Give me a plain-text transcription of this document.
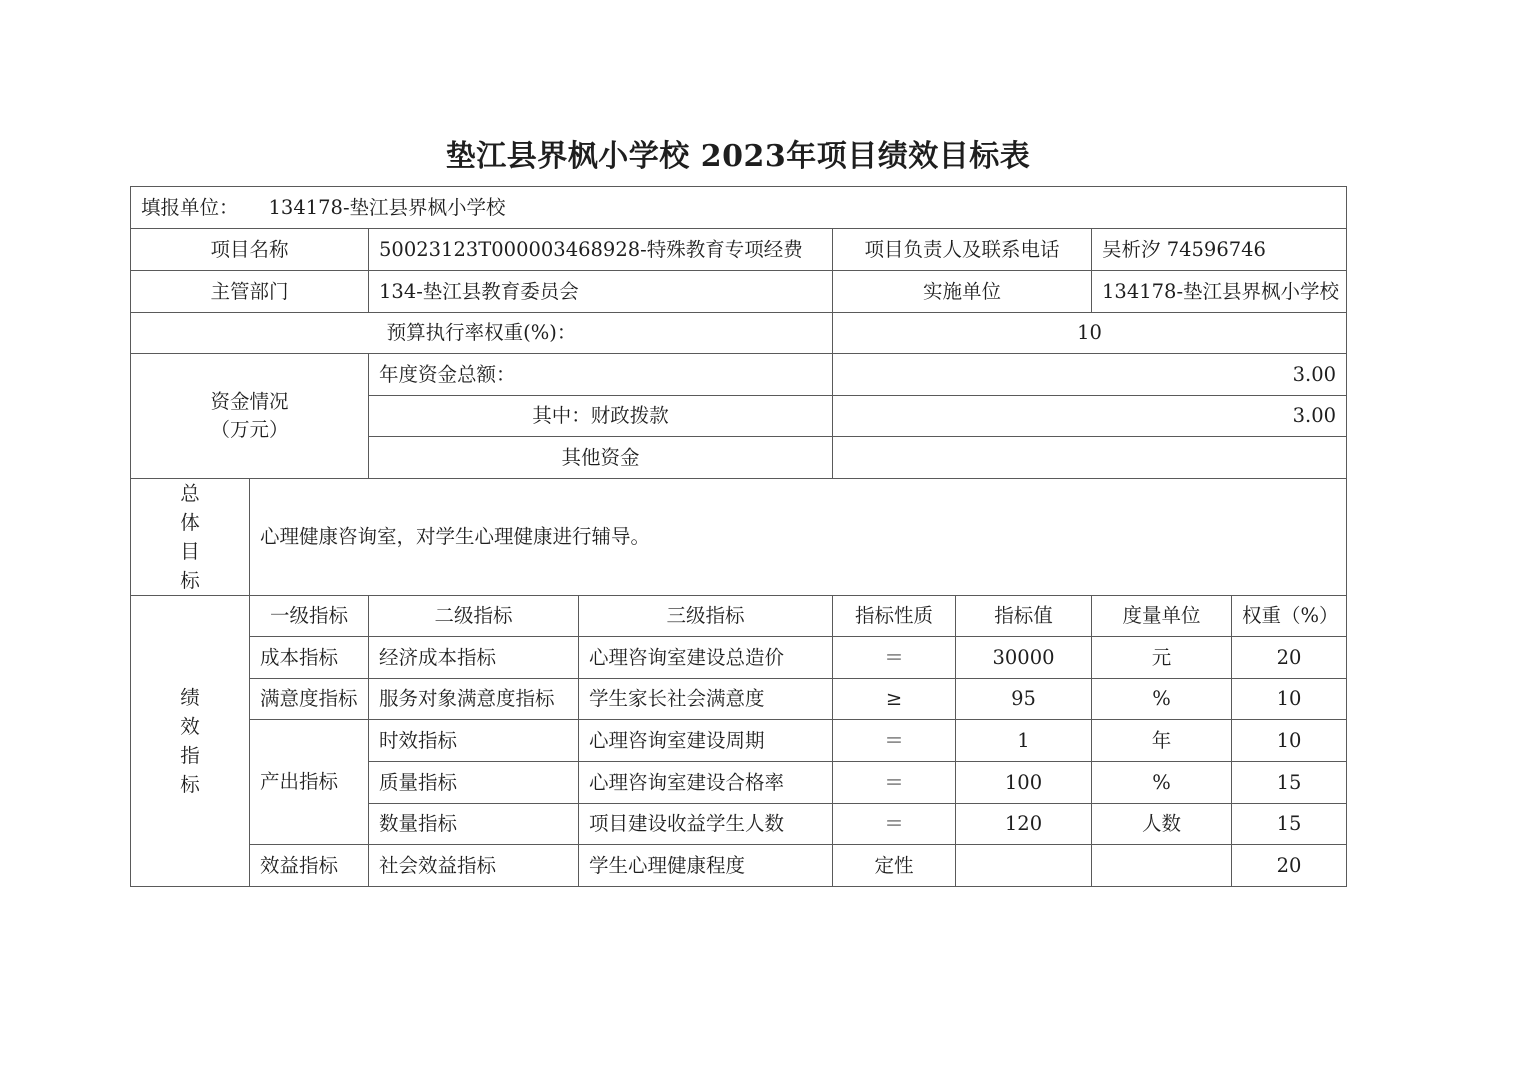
垫江县界枫小学校 2023年项目绩效目标表
填报单位： 134178-垫江县界枫小学校							
项目名称		50023123T000003468928-特殊教育专项经费		项目负责人及联系电话		吴析汐 74596746	
主管部门		134-垫江县教育委员会		实施单位		134178-垫江县界枫小学校	
预算执行率权重(%)：				10			

资金情况
（万元）		年度资金总额：		3.00			
		其中：财政拨款		3.00			
		其他资金					

总
体
目
标	心理健康咨询室，对学生心理健康进行辅导。						

绩
效
指
标	一级指标	二级指标	三级指标	指标性质	指标值	度量单位	权重（%）
	成本指标	经济成本指标	心理咨询室建设总造价	＝	30000	元	20
	满意度指标	服务对象满意度指标	学生家长社会满意度	≥	95	%	10
	产出指标	时效指标	心理咨询室建设周期	＝	1	年	10
		质量指标	心理咨询室建设合格率	＝	100	%	15
		数量指标	项目建设收益学生人数	＝	120	人数	15
	效益指标	社会效益指标	学生心理健康程度	定性			20
